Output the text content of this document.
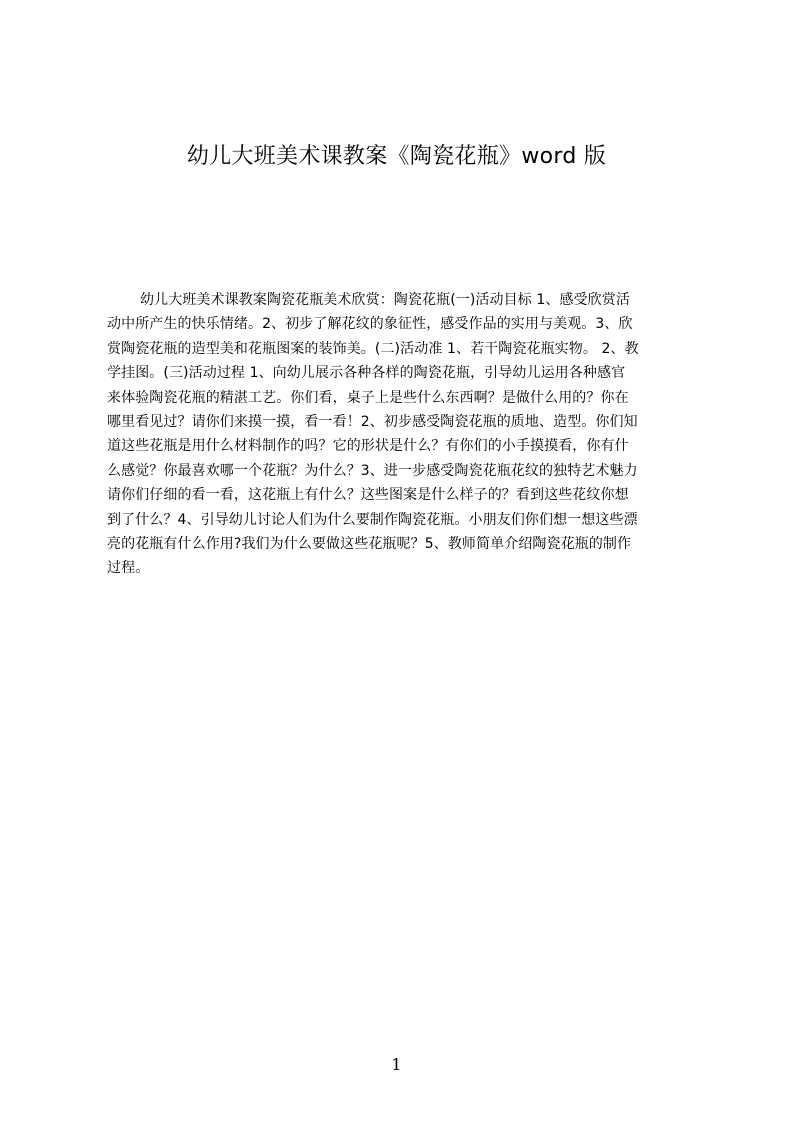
幼儿大班美术课教案《陶瓷花瓶》word 版
幼儿大班美术课教案陶瓷花瓶美术欣赏：陶瓷花瓶(一)活动目标 1、感受欣赏活
动中所产生的快乐情绪。2、初步了解花纹的象征性，感受作品的实用与美观。3、欣
赏陶瓷花瓶的造型美和花瓶图案的装饰美。(二)活动准 1、若干陶瓷花瓶实物。 2、教
学挂图。(三)活动过程 1、向幼儿展示各种各样的陶瓷花瓶，引导幼儿运用各种感官
来体验陶瓷花瓶的精湛工艺。你们看，桌子上是些什么东西啊？是做什么用的？你在
哪里看见过？请你们来摸一摸，看一看！2、初步感受陶瓷花瓶的质地、造型。你们知
道这些花瓶是用什么材料制作的吗？它的形状是什么？有你们的小手摸摸看，你有什
么感觉？你最喜欢哪一个花瓶？为什么？3、进一步感受陶瓷花瓶花纹的独特艺术魅力
请你们仔细的看一看，这花瓶上有什么？这些图案是什么样子的？看到这些花纹你想
到了什么？4、引导幼儿讨论人们为什么要制作陶瓷花瓶。小朋友们你们想一想这些漂
亮的花瓶有什么作用?我们为什么要做这些花瓶呢？5、教师简单介绍陶瓷花瓶的制作
过程。
1
